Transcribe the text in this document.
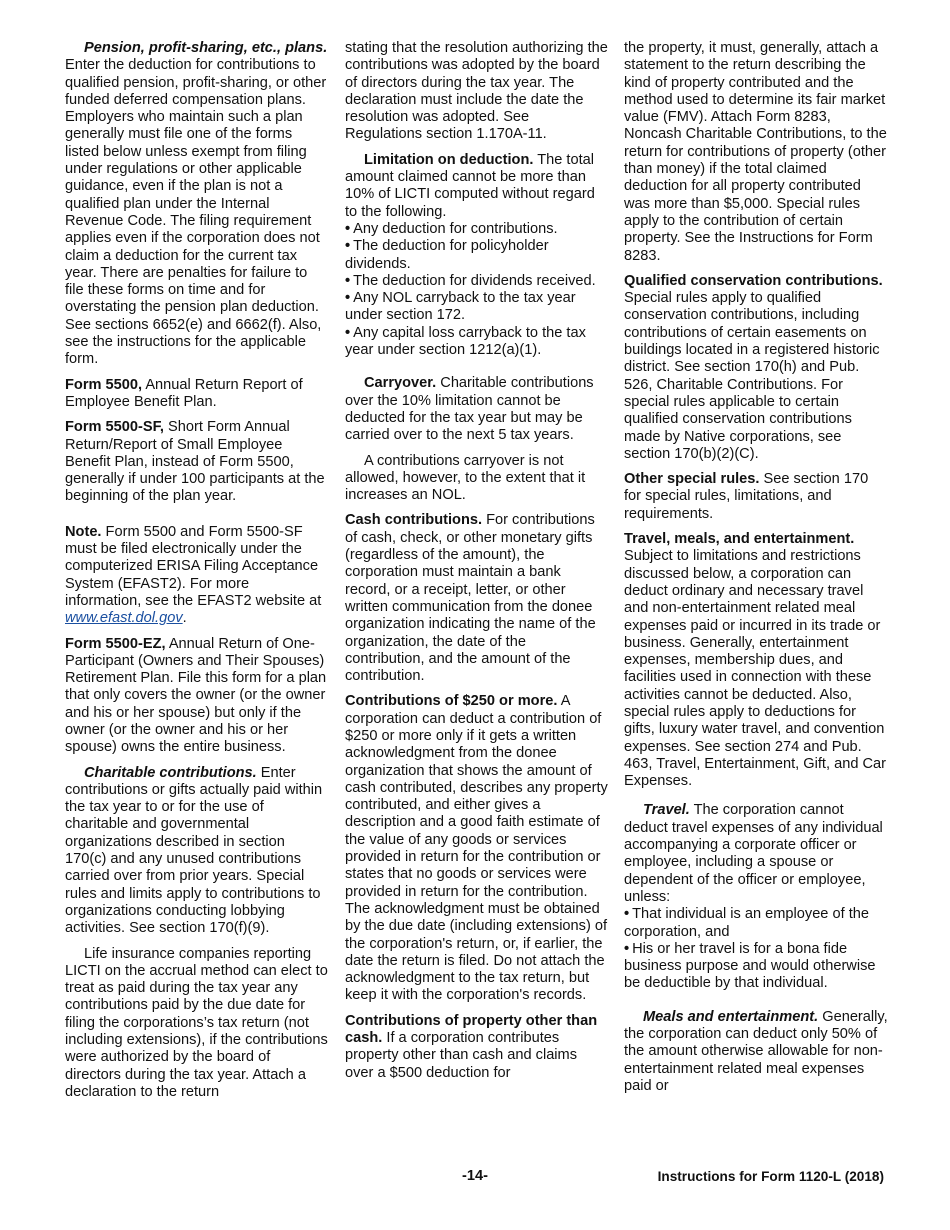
Pension, profit-sharing, etc., plans. Enter the deduction for contributions to qualified pension, profit-sharing, or other funded deferred compensation plans. Employers who maintain such a plan generally must file one of the forms listed below unless exempt from filing under regulations or other applicable guidance, even if the plan is not a qualified plan under the Internal Revenue Code. The filing requirement applies even if the corporation does not claim a deduction for the current tax year. There are penalties for failure to file these forms on time and for overstating the pension plan deduction. See sections 6652(e) and 6662(f). Also, see the instructions for the applicable form.

Form 5500, Annual Return Report of Employee Benefit Plan.

Form 5500-SF, Short Form Annual Return/Report of Small Employee Benefit Plan, instead of Form 5500, generally if under 100 participants at the beginning of the plan year.

Note. Form 5500 and Form 5500-SF must be filed electronically under the computerized ERISA Filing Acceptance System (EFAST2). For more information, see the EFAST2 website at www.efast.dol.gov.

Form 5500-EZ, Annual Return of One-Participant (Owners and Their Spouses) Retirement Plan. File this form for a plan that only covers the owner (or the owner and his or her spouse) but only if the owner (or the owner and his or her spouse) owns the entire business.

Charitable contributions. Enter contributions or gifts actually paid within the tax year to or for the use of charitable and governmental organizations described in section 170(c) and any unused contributions carried over from prior years. Special rules and limits apply to contributions to organizations conducting lobbying activities. See section 170(f)(9).

Life insurance companies reporting LICTI on the accrual method can elect to treat as paid during the tax year any contributions paid by the due date for filing the corporations’s tax return (not including extensions), if the contributions were authorized by the board of directors during the tax year. Attach a declaration to the return

stating that the resolution authorizing the contributions was adopted by the board of directors during the tax year. The declaration must include the date the resolution was adopted. See Regulations section 1.170A-11.

Limitation on deduction. The total amount claimed cannot be more than 10% of LICTI computed without regard to the following.

• Any deduction for contributions.

• The deduction for policyholder dividends.

• The deduction for dividends received.

• Any NOL carryback to the tax year under section 172.

• Any capital loss carryback to the tax year under section 1212(a)(1).

Carryover. Charitable contributions over the 10% limitation cannot be deducted for the tax year but may be carried over to the next 5 tax years.

A contributions carryover is not allowed, however, to the extent that it increases an NOL.

Cash contributions. For contributions of cash, check, or other monetary gifts (regardless of the amount), the corporation must maintain a bank record, or a receipt, letter, or other written communication from the donee organization indicating the name of the organization, the date of the contribution, and the amount of the contribution.

Contributions of $250 or more. A corporation can deduct a contribution of $250 or more only if it gets a written acknowledgment from the donee organization that shows the amount of cash contributed, describes any property contributed, and either gives a description and a good faith estimate of the value of any goods or services provided in return for the contribution or states that no goods or services were provided in return for the contribution. The acknowledgment must be obtained by the due date (including extensions) of the corporation's return, or, if earlier, the date the return is filed. Do not attach the acknowledgment to the tax return, but keep it with the corporation's records.

Contributions of property other than cash. If a corporation contributes property other than cash and claims over a $500 deduction for

the property, it must, generally, attach a statement to the return describing the kind of property contributed and the method used to determine its fair market value (FMV). Attach Form 8283, Noncash Charitable Contributions, to the return for contributions of property (other than money) if the total claimed deduction for all property contributed was more than $5,000. Special rules apply to the contribution of certain property. See the Instructions for Form 8283.

Qualified conservation contributions. Special rules apply to qualified conservation contributions, including contributions of certain easements on buildings located in a registered historic district. See section 170(h) and Pub. 526, Charitable Contributions. For special rules applicable to certain qualified conservation contributions made by Native corporations, see section 170(b)(2)(C).

Other special rules. See section 170 for special rules, limitations, and requirements.

Travel, meals, and entertainment. Subject to limitations and restrictions discussed below, a corporation can deduct ordinary and necessary travel and non-entertainment related meal expenses paid or incurred in its trade or business. Generally, entertainment expenses, membership dues, and facilities used in connection with these activities cannot be deducted. Also, special rules apply to deductions for gifts, luxury water travel, and convention expenses. See section 274 and Pub. 463, Travel, Entertainment, Gift, and Car Expenses.

Travel. The corporation cannot deduct travel expenses of any individual accompanying a corporate officer or employee, including a spouse or dependent of the officer or employee, unless:

• That individual is an employee of the corporation, and

• His or her travel is for a bona fide business purpose and would otherwise be deductible by that individual.

Meals and entertainment. Generally, the corporation can deduct only 50% of the amount otherwise allowable for non-entertainment related meal expenses paid or

-14-	Instructions for Form 1120-L (2018)
